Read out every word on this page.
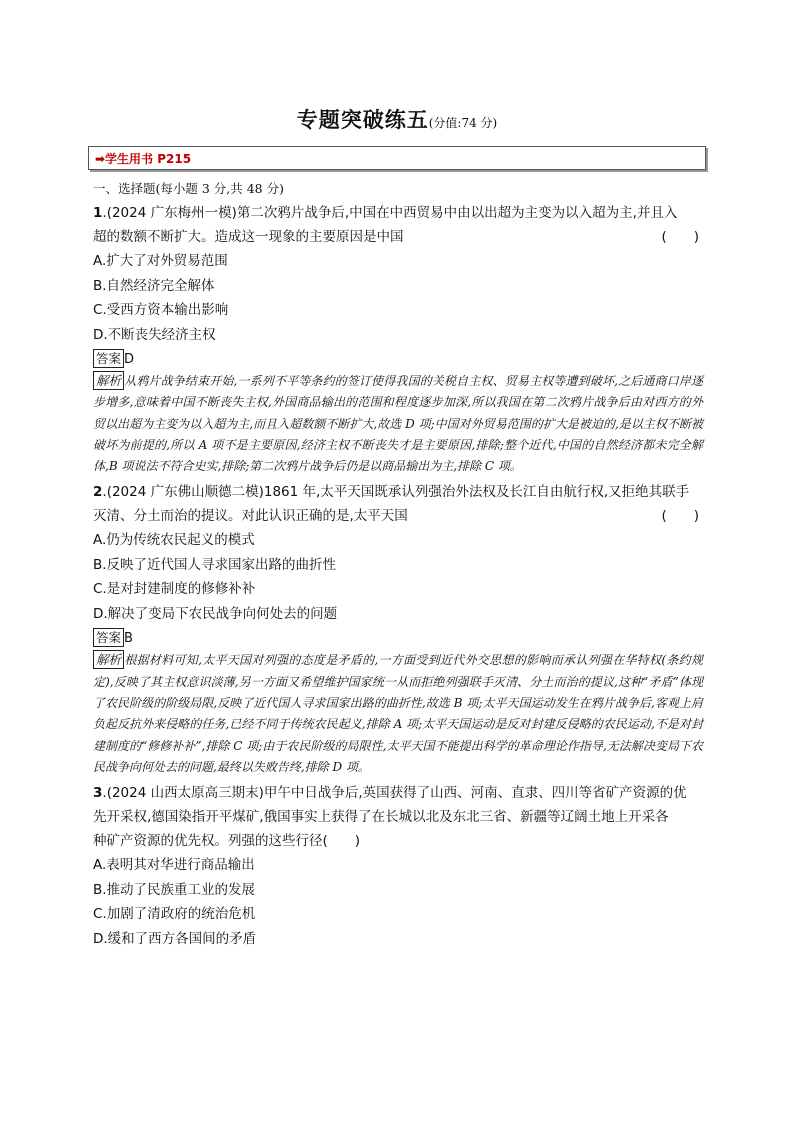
专题突破练五(分值:74 分)
➡学生用书 P215
一、选择题(每小题 3 分,共 48 分)
1.(2024 广东梅州一模)第二次鸦片战争后,中国在中西贸易中由以出超为主变为以入超为主,并且入
超的数额不断扩大。造成这一现象的主要原因是中国	(　　)
A.扩大了对外贸易范围
B.自然经济完全解体
C.受西方资本输出影响
D.不断丧失经济主权
答案 D
解析 从鸦片战争结束开始,一系列不平等条约的签订使得我国的关税自主权、贸易主权等遭到破坏,之后通商口岸逐步增多,意味着中国不断丧失主权,外国商品输出的范围和程度逐步加深,所以我国在第二次鸦片战争后由对西方的外贸以出超为主变为以入超为主,而且入超数额不断扩大,故选 D 项;中国对外贸易范围的扩大是被迫的,是以主权不断被破坏为前提的,所以 A 项不是主要原因,经济主权不断丧失才是主要原因,排除;整个近代,中国的自然经济都未完全解体,B 项说法不符合史实,排除;第二次鸦片战争后仍是以商品输出为主,排除 C 项。
2.(2024 广东佛山顺德二模)1861 年,太平天国既承认列强治外法权及长江自由航行权,又拒绝其联手
灭清、分土而治的提议。对此认识正确的是,太平天国	(　　)
A.仍为传统农民起义的模式
B.反映了近代国人寻求国家出路的曲折性
C.是对封建制度的修修补补
D.解决了变局下农民战争向何处去的问题
答案 B
解析 根据材料可知,太平天国对列强的态度是矛盾的,一方面受到近代外交思想的影响而承认列强在华特权(条约规定),反映了其主权意识淡薄,另一方面又希望维护国家统一从而拒绝列强联手灭清、分土而治的提议,这种“矛盾”体现了农民阶级的阶级局限,反映了近代国人寻求国家出路的曲折性,故选 B 项;太平天国运动发生在鸦片战争后,客观上肩负起反抗外来侵略的任务,已经不同于传统农民起义,排除 A 项;太平天国运动是反对封建反侵略的农民运动,不是对封建制度的“修修补补”,排除 C 项;由于农民阶级的局限性,太平天国不能提出科学的革命理论作指导,无法解决变局下农民战争向何处去的问题,最终以失败告终,排除 D 项。
3.(2024 山西太原高三期末)甲午中日战争后,英国获得了山西、河南、直隶、四川等省矿产资源的优
先开采权,德国染指开平煤矿,俄国事实上获得了在长城以北及东北三省、新疆等辽阔土地上开采各
种矿产资源的优先权。列强的这些行径(　　)
A.表明其对华进行商品输出
B.推动了民族重工业的发展
C.加剧了清政府的统治危机
D.缓和了西方各国间的矛盾
